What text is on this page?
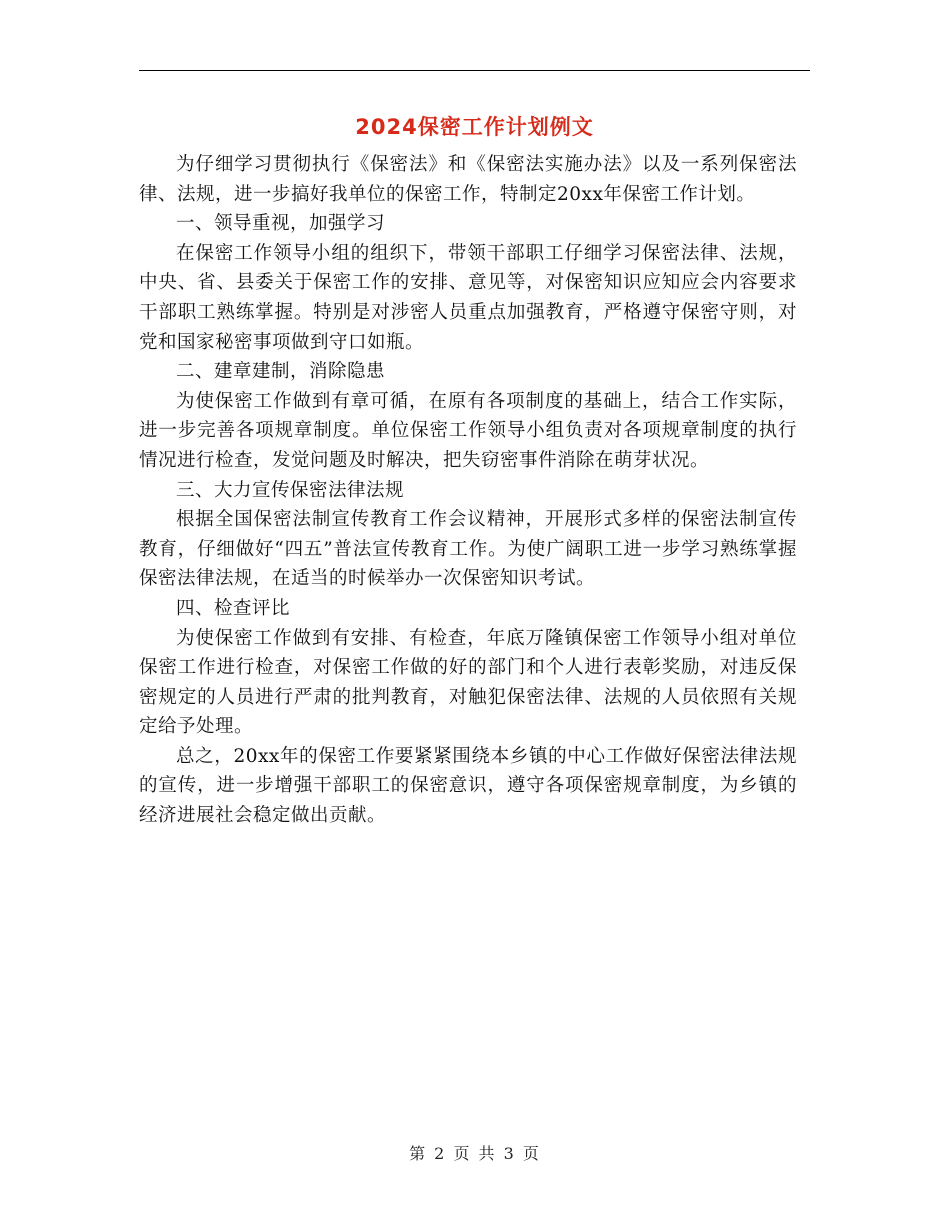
2024保密工作计划例文

为仔细学习贯彻执行《保密法》和《保密法实施办法》以及一系列保密法律、法规，进一步搞好我单位的保密工作，特制定20xx年保密工作计划。

一、领导重视，加强学习

在保密工作领导小组的组织下，带领干部职工仔细学习保密法律、法规，中央、省、县委关于保密工作的安排、意见等，对保密知识应知应会内容要求干部职工熟练掌握。特别是对涉密人员重点加强教育，严格遵守保密守则，对党和国家秘密事项做到守口如瓶。

二、建章建制，消除隐患

为使保密工作做到有章可循，在原有各项制度的基础上，结合工作实际，进一步完善各项规章制度。单位保密工作领导小组负责对各项规章制度的执行情况进行检查，发觉问题及时解决，把失窃密事件消除在萌芽状况。

三、大力宣传保密法律法规

根据全国保密法制宣传教育工作会议精神，开展形式多样的保密法制宣传教育，仔细做好“四五”普法宣传教育工作。为使广阔职工进一步学习熟练掌握保密法律法规，在适当的时候举办一次保密知识考试。

四、检查评比

为使保密工作做到有安排、有检查，年底万隆镇保密工作领导小组对单位保密工作进行检查，对保密工作做的好的部门和个人进行表彰奖励，对违反保密规定的人员进行严肃的批判教育，对触犯保密法律、法规的人员依照有关规定给予处理。

总之，20xx年的保密工作要紧紧围绕本乡镇的中心工作做好保密法律法规的宣传，进一步增强干部职工的保密意识，遵守各项保密规章制度，为乡镇的经济进展社会稳定做出贡献。

第 2 页 共 3 页
